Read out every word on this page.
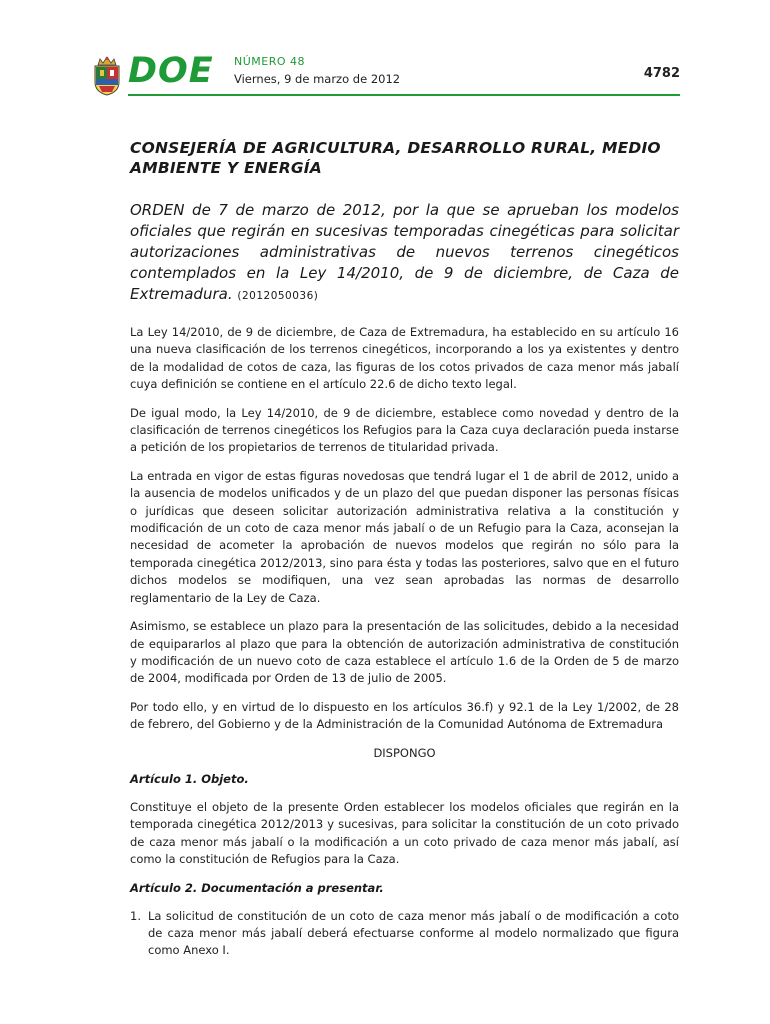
DOE NÚMERO 48
Viernes, 9 de marzo de 2012	4782
CONSEJERÍA DE AGRICULTURA, DESARROLLO RURAL, MEDIO AMBIENTE Y ENERGÍA
ORDEN de 7 de marzo de 2012, por la que se aprueban los modelos oficiales que regirán en sucesivas temporadas cinegéticas para solicitar autorizaciones administrativas de nuevos terrenos cinegéticos contemplados en la Ley 14/2010, de 9 de diciembre, de Caza de Extremadura. (2012050036)

La Ley 14/2010, de 9 de diciembre, de Caza de Extremadura, ha establecido en su artículo 16 una nueva clasificación de los terrenos cinegéticos, incorporando a los ya existentes y dentro de la modalidad de cotos de caza, las figuras de los cotos privados de caza menor más jabalí cuya definición se contiene en el artículo 22.6 de dicho texto legal.

De igual modo, la Ley 14/2010, de 9 de diciembre, establece como novedad y dentro de la clasificación de terrenos cinegéticos los Refugios para la Caza cuya declaración pueda instarse a petición de los propietarios de terrenos de titularidad privada.

La entrada en vigor de estas figuras novedosas que tendrá lugar el 1 de abril de 2012, unido a la ausencia de modelos unificados y de un plazo del que puedan disponer las personas físicas o jurídicas que deseen solicitar autorización administrativa relativa a la constitución y modificación de un coto de caza menor más jabalí o de un Refugio para la Caza, aconsejan la necesidad de acometer la aprobación de nuevos modelos que regirán no sólo para la temporada cinegética 2012/2013, sino para ésta y todas las posteriores, salvo que en el futuro dichos modelos se modifiquen, una vez sean aprobadas las normas de desarrollo reglamentario de la Ley de Caza.

Asimismo, se establece un plazo para la presentación de las solicitudes, debido a la necesidad de equipararlos al plazo que para la obtención de autorización administrativa de constitución y modificación de un nuevo coto de caza establece el artículo 1.6 de la Orden de 5 de marzo de 2004, modificada por Orden de 13 de julio de 2005.

Por todo ello, y en virtud de lo dispuesto en los artículos 36.f) y 92.1 de la Ley 1/2002, de 28 de febrero, del Gobierno y de la Administración de la Comunidad Autónoma de Extremadura

DISPONGO

Artículo 1. Objeto.

Constituye el objeto de la presente Orden establecer los modelos oficiales que regirán en la temporada cinegética 2012/2013 y sucesivas, para solicitar la constitución de un coto privado de caza menor más jabalí o la modificación a un coto privado de caza menor más jabalí, así como la constitución de Refugios para la Caza.

Artículo 2. Documentación a presentar.
1. La solicitud de constitución de un coto de caza menor más jabalí o de modificación a coto de caza menor más jabalí deberá efectuarse conforme al modelo normalizado que figura como Anexo I.
